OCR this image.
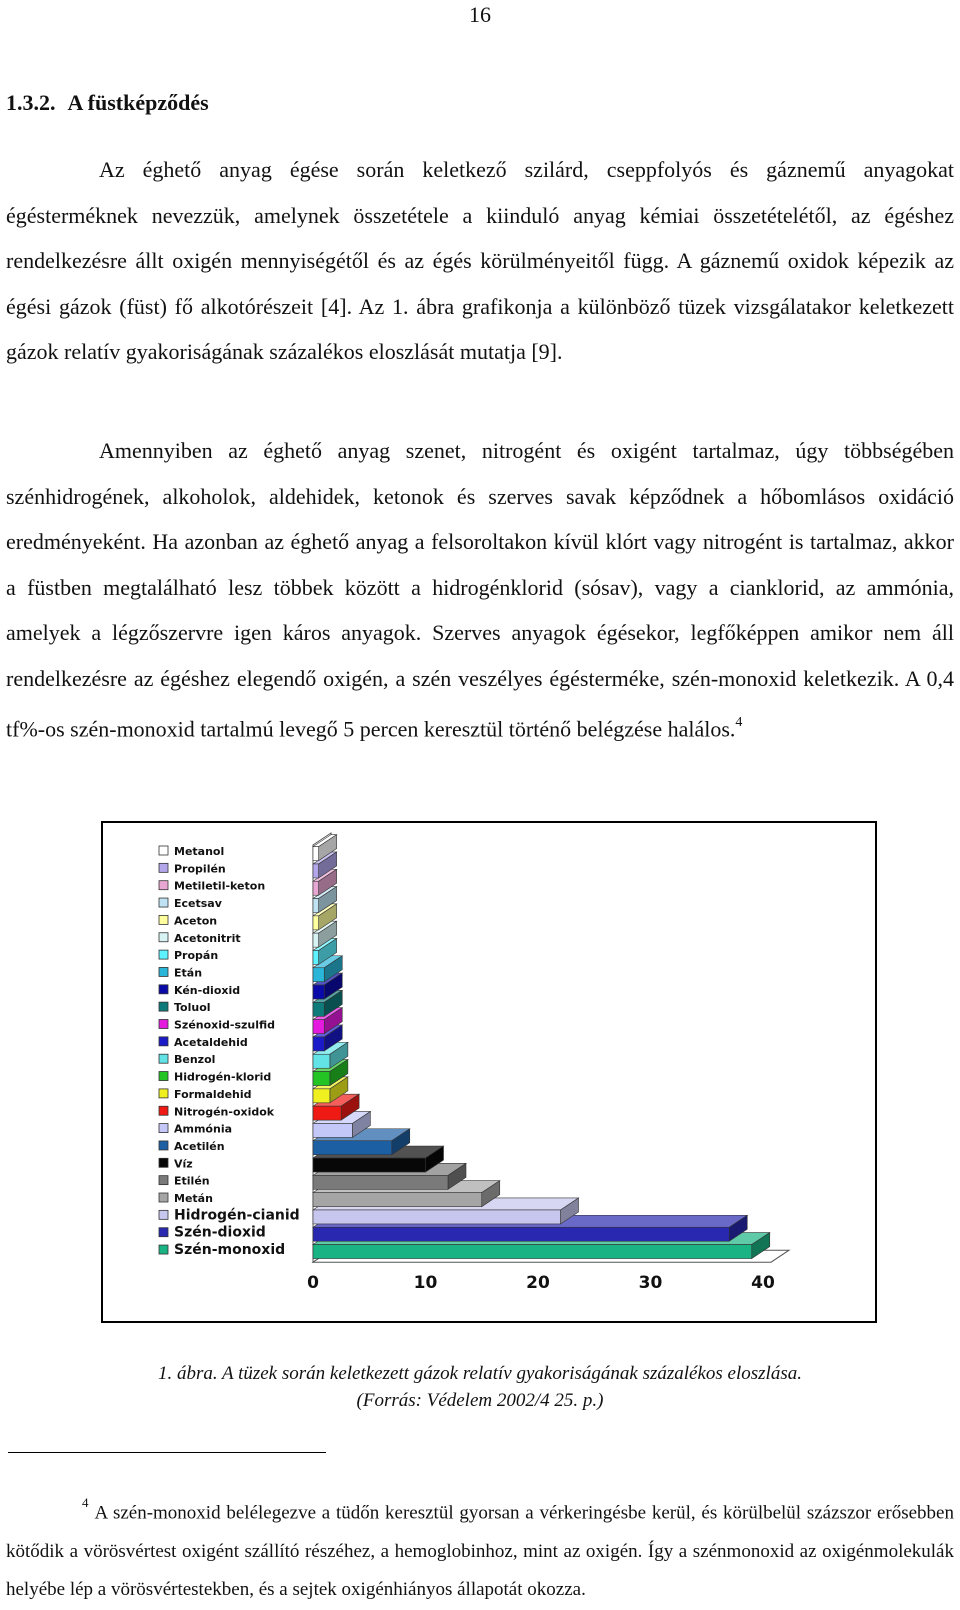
16
1.3.2. A füstképződés

Az éghető anyag égése során keletkező szilárd, cseppfolyós és gáznemű anyagokat égésterméknek nevezzük, amelynek összetétele a kiinduló anyag kémiai összetételétől, az égéshez rendelkezésre állt oxigén mennyiségétől és az égés körülményeitől függ. A gáznemű oxidok képezik az égési gázok (füst) fő alkotórészeit [4]. Az 1. ábra grafikonja a különböző tüzek vizsgálatakor keletkezett gázok relatív gyakoriságának százalékos eloszlását mutatja [9].

Amennyiben az éghető anyag szenet, nitrogént és oxigént tartalmaz, úgy többségében szénhidrogének, alkoholok, aldehidek, ketonok és szerves savak képződnek a hőbomlásos oxidáció eredményeként. Ha azonban az éghető anyag a felsoroltakon kívül klórt vagy nitrogént is tartalmaz, akkor a füstben megtalálható lesz többek között a hidrogénklorid (sósav), vagy a cianklorid, az ammónia, amelyek a légzőszervre igen káros anyagok. Szerves anyagok égésekor, legfőképpen amikor nem áll rendelkezésre az égéshez elegendő oxigén, a szén veszélyes égésterméke, szén-monoxid keletkezik. A 0,4 tf%-os szén-monoxid tartalmú levegő 5 percen keresztül történő belégzése halálos.$^4$

Metanol
Propilén
Metiletil-keton
Ecetsav
Aceton
Acetonitrit
Propán
Etán
Kén-dioxid
Toluol
Szénoxid-szulfid
Acetaldehid
Benzol
Hidrogén-klorid
Formaldehid
Nitrogén-oxidok
Ammónia
Acetilén
Víz
Etilén
Metán
Hidrogén-cianid
Szén-dioxid
Szén-monoxid
0	10	20	30	40
1. ábra. A tüzek során keletkezett gázok relatív gyakoriságának százalékos eloszlása.
(Forrás: Védelem 2002/4 25. p.)

$^4$ A szén-monoxid belélegezve a tüdőn keresztül gyorsan a vérkeringésbe kerül, és körülbelül százszor erősebben kötődik a vörösvértest oxigént szállító részéhez, a hemoglobinhoz, mint az oxigén. Így a szénmonoxid az oxigénmolekulák helyébe lép a vörösvértestekben, és a sejtek oxigénhiányos állapotát okozza.
